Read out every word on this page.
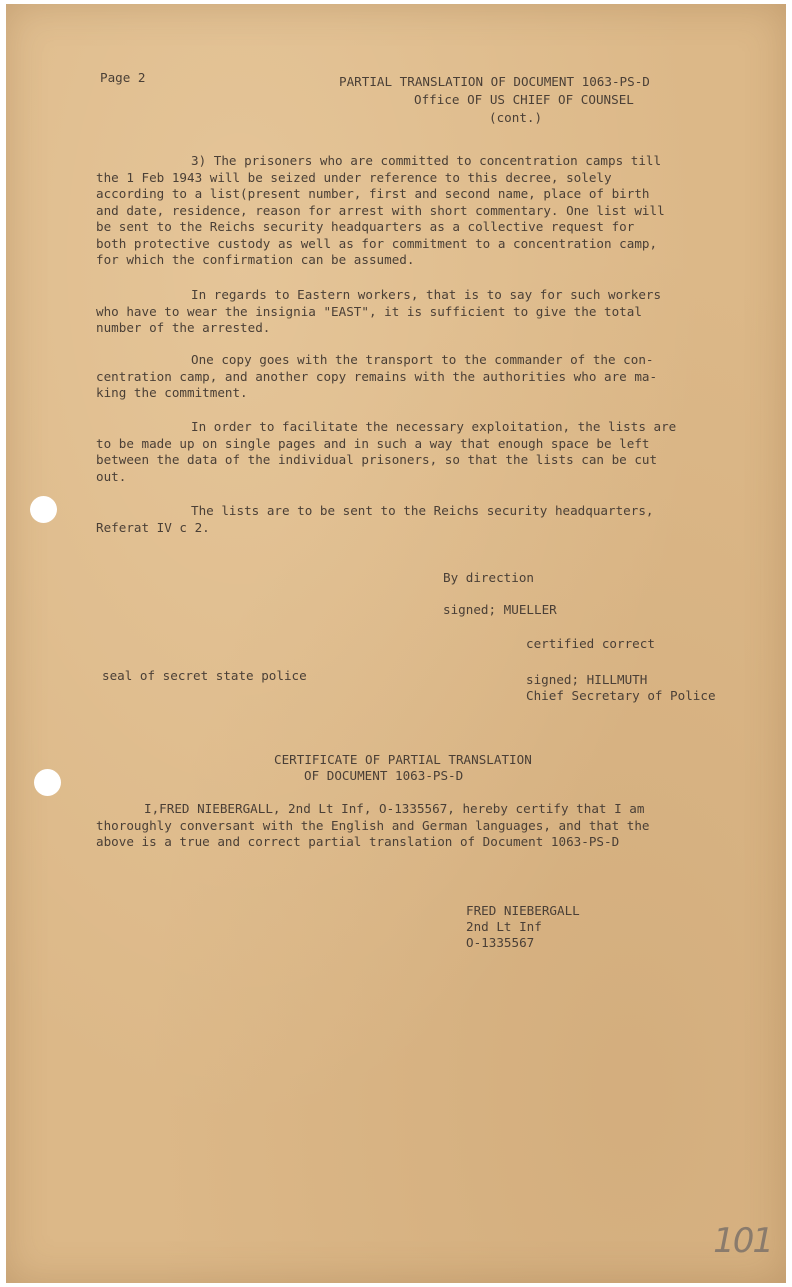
Page 2	PARTIAL TRANSLATION OF DOCUMENT 1063-PS-D
Office OF US CHIEF OF COUNSEL
(cont.)
3) The prisoners who are committed to concentration camps till
the 1 Feb 1943 will be seized under reference to this decree, solely
according to a list(present number, first and second name, place of birth
and date, residence, reason for arrest with short commentary. One list will
be sent to the Reichs security headquarters as a collective request for
both protective custody as well as for commitment to a concentration camp,
for which the confirmation can be assumed.
In regards to Eastern workers, that is to say for such workers
who have to wear the insignia "EAST", it is sufficient to give the total
number of the arrested.
One copy goes with the transport to the commander of the con-
centration camp, and another copy remains with the authorities who are ma-
king the commitment.
In order to facilitate the necessary exploitation, the lists are
to be made up on single pages and in such a way that enough space be left
between the data of the individual prisoners, so that the lists can be cut
out.
The lists are to be sent to the Reichs security headquarters,
Referat IV c 2.
By direction
signed; MUELLER
certified correct
seal of secret state police	signed; HILLMUTH
Chief Secretary of Police
CERTIFICATE OF PARTIAL TRANSLATION
OF DOCUMENT 1063-PS-D
I,FRED NIEBERGALL, 2nd Lt Inf, O-1335567, hereby certify that I am
thoroughly conversant with the English and German languages, and that the
above is a true and correct partial translation of Document 1063-PS-D
FRED NIEBERGALL
2nd Lt Inf
O-1335567
101
